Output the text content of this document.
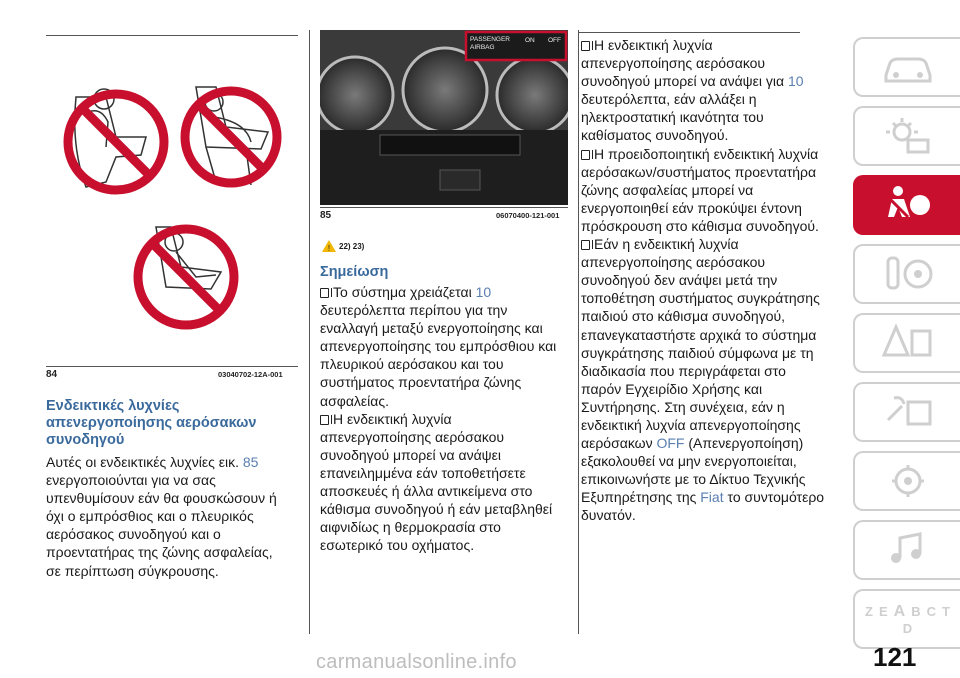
84	03040702-12A-001
Ενδεικτικές λυχνίες
απενεργοποίησης αερόσακων
συνοδηγού

Αυτές οι ενδεικτικές λυχνίες εικ. 85

ενεργοποιούνται για να σας

υπενθυμίσουν εάν θα φουσκώσουν ή

όχι ο εμπρόσθιος και ο πλευρικός

αερόσακος συνοδηγού και ο

προεντατήρας της ζώνης ασφαλείας,

σε περίπτωση σύγκρουσης.

PASSENGER AIRBAG
ON OFF
85	06070400-121-001
! 22) 23)
Σημείωση

Το σύστημα χρειάζεται 10

δευτερόλεπτα περίπου για την

εναλλαγή μεταξύ ενεργοποίησης και

απενεργοποίησης του εμπρόσθιου και

πλευρικού αερόσακου και του

συστήματος προεντατήρα ζώνης

ασφαλείας.

Η ενδεικτική λυχνία

απενεργοποίησης αερόσακου

συνοδηγού μπορεί να ανάψει

επανειλημμένα εάν τοποθετήσετε

αποσκευές ή άλλα αντικείμενα στο

κάθισμα συνοδηγού ή εάν μεταβληθεί

αιφνιδίως η θερμοκρασία στο

εσωτερικό του οχήματος.

Η ενδεικτική λυχνία

απενεργοποίησης αερόσακου

συνοδηγού μπορεί να ανάψει για 10

δευτερόλεπτα, εάν αλλάξει η

ηλεκτροστατική ικανότητα του

καθίσματος συνοδηγού.

Η προειδοποιητική ενδεικτική λυχνία

αερόσακων/συστήματος προεντατήρα

ζώνης ασφαλείας μπορεί να

ενεργοποιηθεί εάν προκύψει έντονη

πρόσκρουση στο κάθισμα συνοδηγού.

Εάν η ενδεικτική λυχνία

απενεργοποίησης αερόσακου

συνοδηγού δεν ανάψει μετά την

τοποθέτηση συστήματος συγκράτησης

παιδιού στο κάθισμα συνοδηγού,

επανεγκαταστήστε αρχικά το σύστημα

συγκράτησης παιδιού σύμφωνα με τη

διαδικασία που περιγράφεται στο

παρόν Εγχειρίδιο Χρήσης και

Συντήρησης. Στη συνέχεια, εάν η

ενδεικτική λυχνία απενεργοποίησης

αερόσακων OFF (Απενεργοποίηση)

εξακολουθεί να μην ενεργοποιείται,

επικοινωνήστε με το Δίκτυο Τεχνικής

Εξυπηρέτησης της Fiat το συντομότερο

δυνατόν.

Z E A B C T
D
121
carmanualsonline.info
